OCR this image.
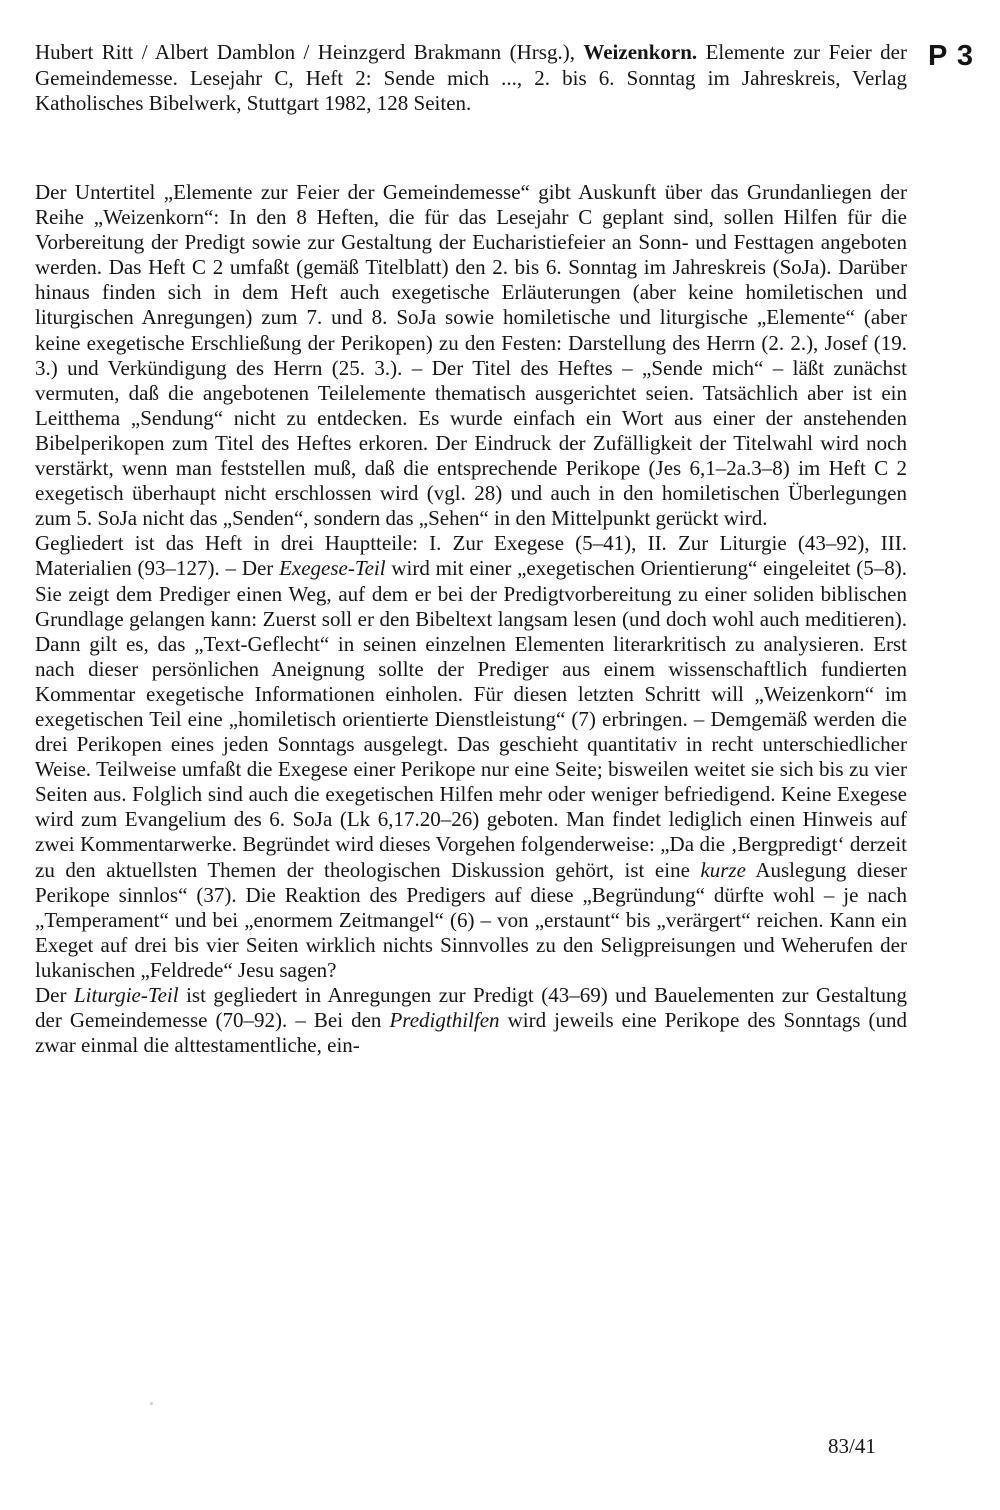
P 3
Hubert Ritt / Albert Damblon / Heinzgerd Brakmann (Hrsg.), Weizenkorn. Elemente zur Feier der Gemeindemesse. Lesejahr C, Heft 2: Sende mich ..., 2. bis 6. Sonntag im Jahreskreis, Verlag Katholisches Bibelwerk, Stuttgart 1982, 128 Seiten.

Der Untertitel „Elemente zur Feier der Gemeindemesse“ gibt Auskunft über das Grundanliegen der Reihe „Weizenkorn“: In den 8 Heften, die für das Lesejahr C geplant sind, sollen Hilfen für die Vorbereitung der Predigt sowie zur Gestaltung der Eucharistiefeier an Sonn- und Festtagen angeboten werden. Das Heft C 2 umfaßt (gemäß Titelblatt) den 2. bis 6. Sonntag im Jahreskreis (SoJa). Darüber hinaus finden sich in dem Heft auch exegetische Erläuterungen (aber keine homiletischen und liturgischen Anregungen) zum 7. und 8. SoJa sowie homiletische und liturgische „Elemente“ (aber keine exegetische Erschließung der Perikopen) zu den Festen: Darstellung des Herrn (2. 2.), Josef (19. 3.) und Verkündigung des Herrn (25. 3.). – Der Titel des Heftes – „Sende mich“ – läßt zunächst vermuten, daß die angebotenen Teilelemente thematisch ausgerichtet seien. Tatsächlich aber ist ein Leitthema „Sendung“ nicht zu entdecken. Es wurde einfach ein Wort aus einer der anstehenden Bibelperikopen zum Titel des Heftes erkoren. Der Eindruck der Zufälligkeit der Titelwahl wird noch verstärkt, wenn man feststellen muß, daß die entsprechende Perikope (Jes 6,1–2a.3–8) im Heft C 2 exegetisch überhaupt nicht erschlossen wird (vgl. 28) und auch in den homiletischen Überlegungen zum 5. SoJa nicht das „Senden“, sondern das „Sehen“ in den Mittelpunkt gerückt wird.

Gegliedert ist das Heft in drei Hauptteile: I. Zur Exegese (5–41), II. Zur Liturgie (43–92), III. Materialien (93–127). – Der Exegese-Teil wird mit einer „exegetischen Orientierung“ eingeleitet (5–8). Sie zeigt dem Prediger einen Weg, auf dem er bei der Predigtvorbereitung zu einer soliden biblischen Grundlage gelangen kann: Zuerst soll er den Bibeltext langsam lesen (und doch wohl auch meditieren). Dann gilt es, das „Text-Geflecht“ in seinen einzelnen Elementen literarkritisch zu analysieren. Erst nach dieser persönlichen Aneignung sollte der Prediger aus einem wissenschaftlich fundierten Kommentar exegetische Informationen einholen. Für diesen letzten Schritt will „Weizenkorn“ im exegetischen Teil eine „homiletisch orientierte Dienstleistung“ (7) erbringen. – Demgemäß werden die drei Perikopen eines jeden Sonntags ausgelegt. Das geschieht quantitativ in recht unterschiedlicher Weise. Teilweise umfaßt die Exegese einer Perikope nur eine Seite; bisweilen weitet sie sich bis zu vier Seiten aus. Folglich sind auch die exegetischen Hilfen mehr oder weniger befriedigend. Keine Exegese wird zum Evangelium des 6. SoJa (Lk 6,17.20–26) geboten. Man findet lediglich einen Hinweis auf zwei Kommentarwerke. Begründet wird dieses Vorgehen folgenderweise: „Da die ‚Bergpredigt‘ derzeit zu den aktuellsten Themen der theologischen Diskussion gehört, ist eine kurze Auslegung dieser Perikope sinnlos“ (37). Die Reaktion des Predigers auf diese „Begründung“ dürfte wohl – je nach „Temperament“ und bei „enormem Zeitmangel“ (6) – von „erstaunt“ bis „verärgert“ reichen. Kann ein Exeget auf drei bis vier Seiten wirklich nichts Sinnvolles zu den Seligpreisungen und Weherufen der lukanischen „Feldrede“ Jesu sagen?

Der Liturgie-Teil ist gegliedert in Anregungen zur Predigt (43–69) und Bauelementen zur Gestaltung der Gemeindemesse (70–92). – Bei den Predigthilfen wird jeweils eine Perikope des Sonntags (und zwar einmal die alttestamentliche, ein-

83/41
